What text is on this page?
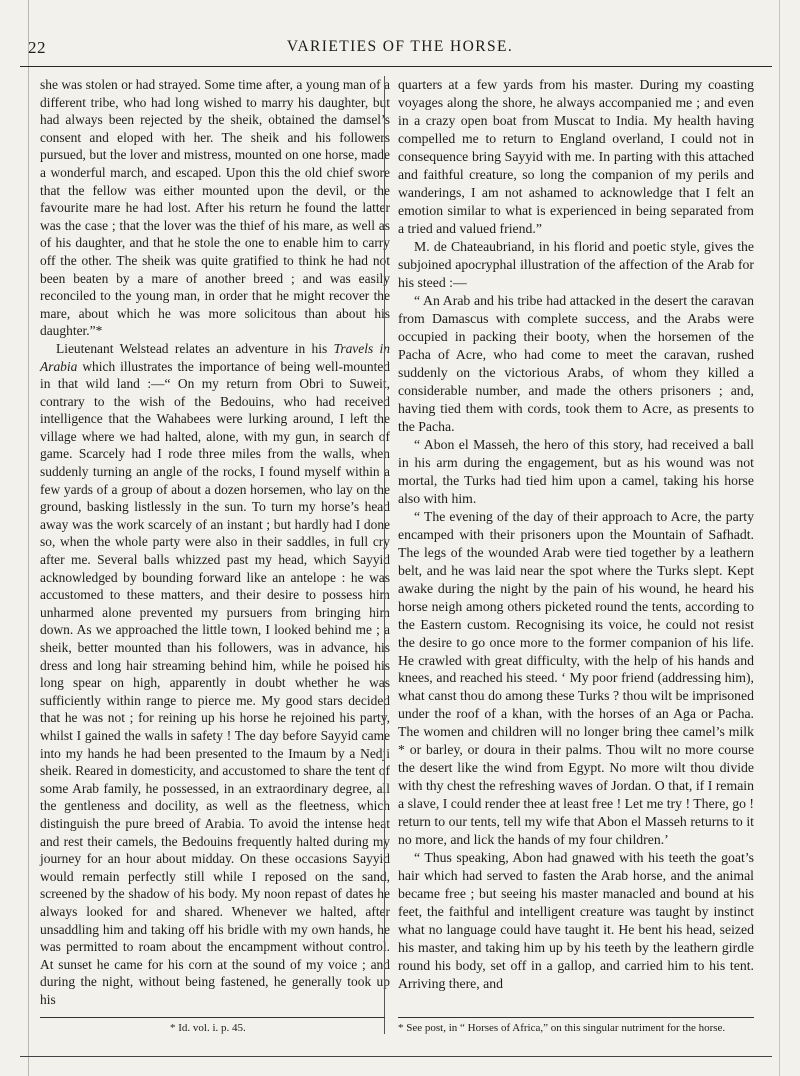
22	VARIETIES OF THE HORSE.

she was stolen or had strayed. Some time after, a young man of a different tribe, who had long wished to marry his daughter, but had always been rejected by the sheik, obtained the damsel’s consent and eloped with her. The sheik and his followers pursued, but the lover and mistress, mounted on one horse, made a wonderful march, and escaped. Upon this the old chief swore that the fellow was either mounted upon the devil, or the favourite mare he had lost. After his return he found the latter was the case ; that the lover was the thief of his mare, as well as of his daughter, and that he stole the one to enable him to carry off the other. The sheik was quite gratified to think he had not been beaten by a mare of another breed ; and was easily reconciled to the young man, in order that he might recover the mare, about which he was more solicitous than about his daughter.”*

Lieutenant Welstead relates an adventure in his Travels in Arabia which illustrates the importance of being well-mounted in that wild land :—“ On my return from Obri to Suweit, contrary to the wish of the Bedouins, who had received intelligence that the Wahabees were lurking around, I left the village where we had halted, alone, with my gun, in search of game. Scarcely had I rode three miles from the walls, when suddenly turning an angle of the rocks, I found myself within a few yards of a group of about a dozen horsemen, who lay on the ground, basking listlessly in the sun. To turn my horse’s head away was the work scarcely of an instant ; but hardly had I done so, when the whole party were also in their saddles, in full cry after me. Several balls whizzed past my head, which Sayyid acknowledged by bounding forward like an antelope : he was accustomed to these matters, and their desire to possess him unharmed alone prevented my pursuers from bringing him down. As we approached the little town, I looked behind me ; a sheik, better mounted than his followers, was in advance, his dress and long hair streaming behind him, while he poised his long spear on high, apparently in doubt whether he was sufficiently within range to pierce me. My good stars decided that he was not ; for reining up his horse he rejoined his party, whilst I gained the walls in safety ! The day before Sayyid came into my hands he had been presented to the Imaum by a Nedji sheik. Reared in domesticity, and accustomed to share the tent of some Arab family, he possessed, in an extraordinary degree, all the gentleness and docility, as well as the fleetness, which distinguish the pure breed of Arabia. To avoid the intense heat and rest their camels, the Bedouins frequently halted during my journey for an hour about midday. On these occasions Sayyid would remain perfectly still while I reposed on the sand, screened by the shadow of his body. My noon repast of dates he always looked for and shared. Whenever we halted, after unsaddling him and taking off his bridle with my own hands, he was permitted to roam about the encampment without control. At sunset he came for his corn at the sound of my voice ; and during the night, without being fastened, he generally took up his

quarters at a few yards from his master. During my coasting voyages along the shore, he always accompanied me ; and even in a crazy open boat from Muscat to India. My health having compelled me to return to England overland, I could not in consequence bring Sayyid with me. In parting with this attached and faithful creature, so long the companion of my perils and wanderings, I am not ashamed to acknowledge that I felt an emotion similar to what is experienced in being separated from a tried and valued friend.”

M. de Chateaubriand, in his florid and poetic style, gives the subjoined apocryphal illustration of the affection of the Arab for his steed :—

“ An Arab and his tribe had attacked in the desert the caravan from Damascus with complete success, and the Arabs were occupied in packing their booty, when the horsemen of the Pacha of Acre, who had come to meet the caravan, rushed suddenly on the victorious Arabs, of whom they killed a considerable number, and made the others prisoners ; and, having tied them with cords, took them to Acre, as presents to the Pacha.

“ Abon el Masseh, the hero of this story, had received a ball in his arm during the engagement, but as his wound was not mortal, the Turks had tied him upon a camel, taking his horse also with him.

“ The evening of the day of their approach to Acre, the party encamped with their prisoners upon the Mountain of Safhadt. The legs of the wounded Arab were tied together by a leathern belt, and he was laid near the spot where the Turks slept. Kept awake during the night by the pain of his wound, he heard his horse neigh among others picketed round the tents, according to the Eastern custom. Recognising its voice, he could not resist the desire to go once more to the former companion of his life. He crawled with great difficulty, with the help of his hands and knees, and reached his steed. ‘ My poor friend (addressing him), what canst thou do among these Turks ? thou wilt be imprisoned under the roof of a khan, with the horses of an Aga or Pacha. The women and children will no longer bring thee camel’s milk * or barley, or doura in their palms. Thou wilt no more course the desert like the wind from Egypt. No more wilt thou divide with thy chest the refreshing waves of Jordan. O that, if I remain a slave, I could render thee at least free ! Let me try ! There, go ! return to our tents, tell my wife that Abon el Masseh returns to it no more, and lick the hands of my four children.’

“ Thus speaking, Abon had gnawed with his teeth the goat’s hair which had served to fasten the Arab horse, and the animal became free ; but seeing his master manacled and bound at his feet, the faithful and intelligent creature was taught by instinct what no language could have taught it. He bent his head, seized his master, and taking him up by his teeth by the leathern girdle round his body, set off in a gallop, and carried him to his tent. Arriving there, and

* Id. vol. i. p. 45.	* See post, in “ Horses of Africa,” on this singular nutriment for the horse.
